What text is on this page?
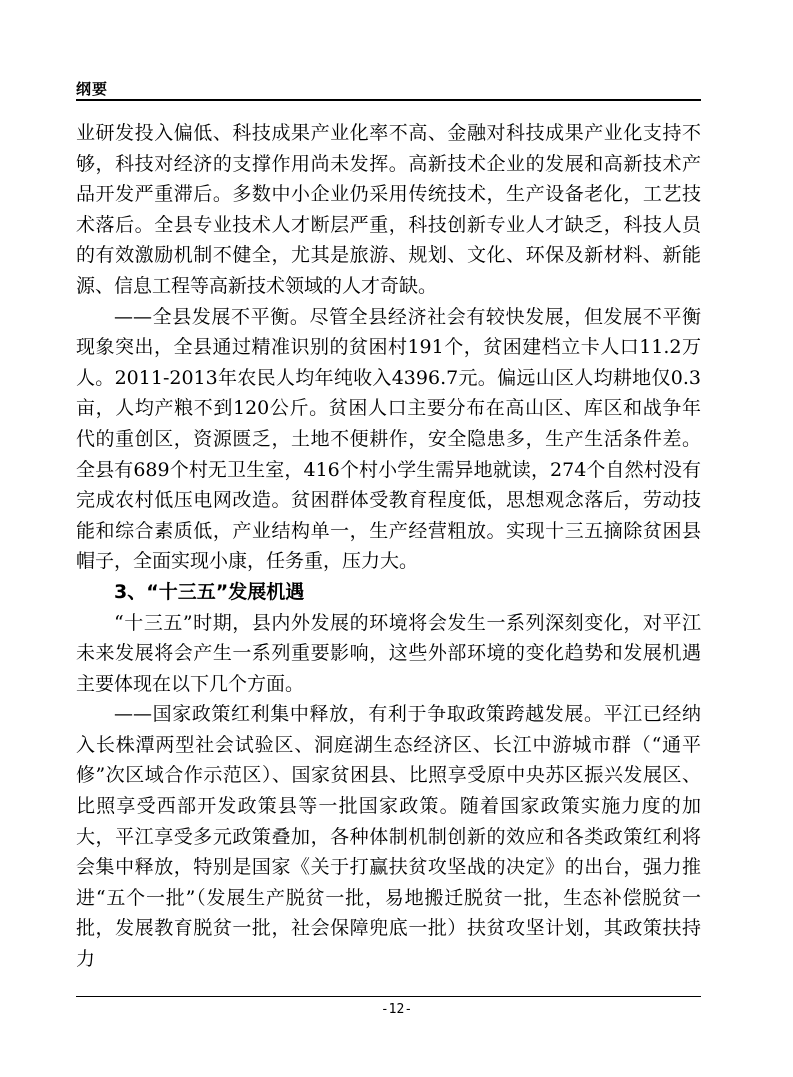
纲要

业研发投入偏低、科技成果产业化率不高、金融对科技成果产业化支持不够，科技对经济的支撑作用尚未发挥。高新技术企业的发展和高新技术产品开发严重滞后。多数中小企业仍采用传统技术，生产设备老化，工艺技术落后。全县专业技术人才断层严重，科技创新专业人才缺乏，科技人员的有效激励机制不健全，尤其是旅游、规划、文化、环保及新材料、新能源、信息工程等高新技术领域的人才奇缺。

——全县发展不平衡。尽管全县经济社会有较快发展，但发展不平衡现象突出，全县通过精准识别的贫困村191个，贫困建档立卡人口11.2万人。2011-2013年农民人均年纯收入4396.7元。偏远山区人均耕地仅0.3亩，人均产粮不到120公斤。贫困人口主要分布在高山区、库区和战争年代的重创区，资源匮乏，土地不便耕作，安全隐患多，生产生活条件差。全县有689个村无卫生室，416个村小学生需异地就读，274个自然村没有完成农村低压电网改造。贫困群体受教育程度低，思想观念落后，劳动技能和综合素质低，产业结构单一，生产经营粗放。实现十三五摘除贫困县帽子，全面实现小康，任务重，压力大。

3、“十三五”发展机遇

“十三五”时期，县内外发展的环境将会发生一系列深刻变化，对平江未来发展将会产生一系列重要影响，这些外部环境的变化趋势和发展机遇主要体现在以下几个方面。

——国家政策红利集中释放，有利于争取政策跨越发展。平江已经纳入长株潭两型社会试验区、洞庭湖生态经济区、长江中游城市群（“通平修”次区域合作示范区）、国家贫困县、比照享受原中央苏区振兴发展区、比照享受西部开发政策县等一批国家政策。随着国家政策实施力度的加大，平江享受多元政策叠加，各种体制机制创新的效应和各类政策红利将会集中释放，特别是国家《关于打赢扶贫攻坚战的决定》的出台，强力推进“五个一批”（发展生产脱贫一批，易地搬迁脱贫一批，生态补偿脱贫一批，发展教育脱贫一批，社会保障兜底一批）扶贫攻坚计划，其政策扶持力

-12-
